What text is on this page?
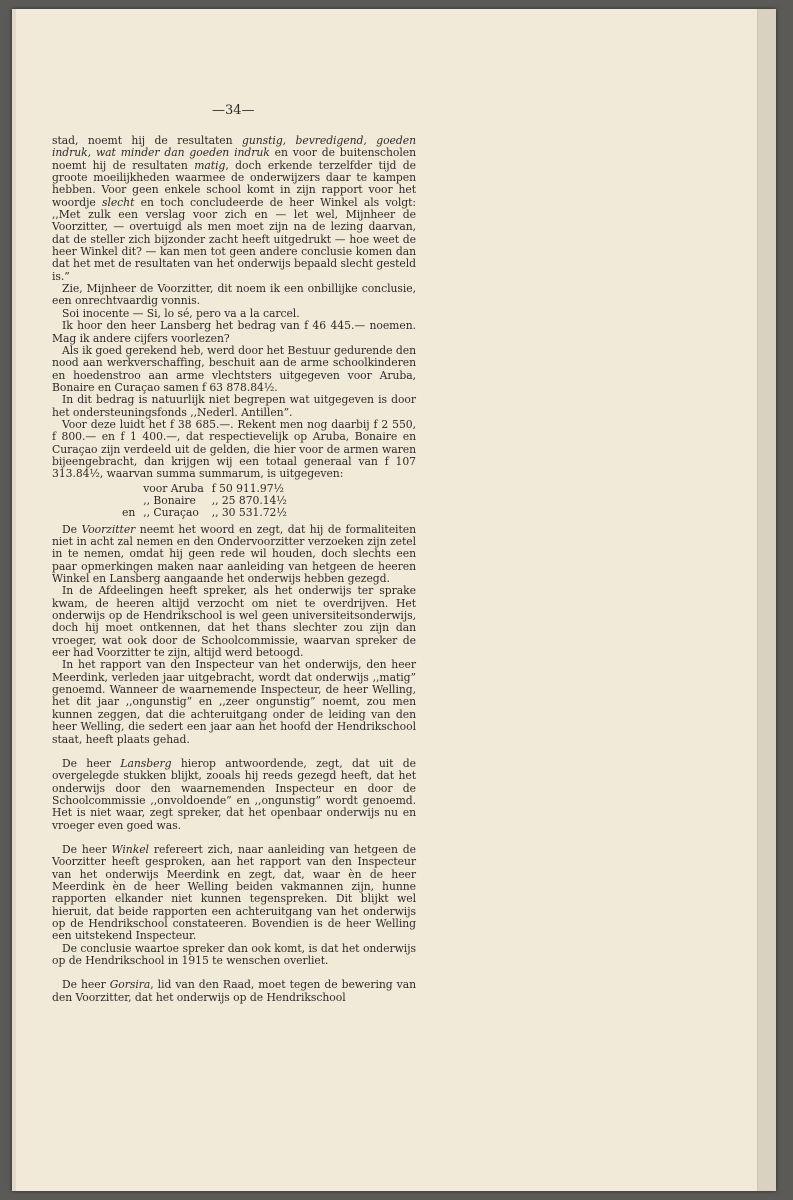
—34—

stad, noemt hij de resultaten gunstig, bevredigend, goeden indruk, wat minder dan goeden indruk en voor de buitenscholen noemt hij de resultaten matig, doch erkende terzelfder tijd de groote moeilijkheden waarmee de onderwijzers daar te kampen hebben. Voor geen enkele school komt in zijn rapport voor het woordje slecht en toch concludeerde de heer Winkel als volgt: ,,Met zulk een verslag voor zich en — let wel, Mijnheer de Voorzitter, — overtuigd als men moet zijn na de lezing daarvan, dat de steller zich bijzonder zacht heeft uitgedrukt — hoe weet de heer Winkel dit? — kan men tot geen andere conclusie komen dan dat het met de resultaten van het onderwijs bepaald slecht gesteld is.”

Zie, Mijnheer de Voorzitter, dit noem ik een onbillijke conclusie, een onrechtvaardig vonnis.

Soi inocente — Si, lo sé, pero va a la carcel.

Ik hoor den heer Lansberg het bedrag van f 46 445.— noemen. Mag ik andere cijfers voorlezen?

Als ik goed gerekend heb, werd door het Bestuur gedurende den nood aan werkverschaffing, beschuit aan de arme schoolkinderen en hoedenstroo aan arme vlechtsters uitgegeven voor Aruba, Bonaire en Curaçao samen f 63 878.84½.

In dit bedrag is natuurlijk niet begrepen wat uitgegeven is door het ondersteuningsfonds ,,Nederl. Antillen”.

Voor deze luidt het f 38 685.—. Rekent men nog daarbij f 2 550, f 800.— en f 1 400.—, dat respectievelijk op Aruba, Bonaire en Curaçao zijn verdeeld uit de gelden, die hier voor de armen waren bijeengebracht, dan krijgen wij een totaal generaal van f 107 313.84½, waarvan summa summarum, is uitgegeven:

	voor Aruba	f 50 911.97½
	,, Bonaire	,, 25 870.14½
en	,, Curaçao	,, 30 531.72½

De Voorzitter neemt het woord en zegt, dat hij de formaliteiten niet in acht zal nemen en den Ondervoorzitter verzoeken zijn zetel in te nemen, omdat hij geen rede wil houden, doch slechts een paar opmerkingen maken naar aanleiding van hetgeen de heeren Winkel en Lansberg aangaande het onderwijs hebben gezegd.

In de Afdeelingen heeft spreker, als het onderwijs ter sprake kwam, de heeren altijd verzocht om niet te overdrijven. Het onderwijs op de Hendrikschool is wel geen universiteitsonderwijs, doch hij moet ontkennen, dat het thans slechter zou zijn dan vroeger, wat ook door de Schoolcommissie, waarvan spreker de eer had Voorzitter te zijn, altijd werd betoogd.

In het rapport van den Inspecteur van het onderwijs, den heer Meerdink, verleden jaar uitgebracht, wordt dat onderwijs ,,matig” genoemd. Wanneer de waarnemende Inspecteur, de heer Welling, het dit jaar ,,ongunstig” en ,,zeer ongunstig” noemt, zou men kunnen zeggen, dat die achteruitgang onder de leiding van den heer Welling, die sedert een jaar aan het hoofd der Hendrikschool staat, heeft plaats gehad.

De heer Lansberg hierop antwoordende, zegt, dat uit de overgelegde stukken blijkt, zooals hij reeds gezegd heeft, dat het onderwijs door den waarnemenden Inspecteur en door de Schoolcommissie ,,onvoldoende” en ,,ongunstig” wordt genoemd. Het is niet waar, zegt spreker, dat het openbaar onderwijs nu en vroeger even goed was.

De heer Winkel refereert zich, naar aanleiding van hetgeen de Voorzitter heeft gesproken, aan het rapport van den Inspecteur van het onderwijs Meerdink en zegt, dat, waar èn de heer Meerdink èn de heer Welling beiden vakmannen zijn, hunne rapporten elkander niet kunnen tegenspreken. Dit blijkt wel hieruit, dat beide rapporten een achteruitgang van het onderwijs op de Hendrikschool constateeren. Bovendien is de heer Welling een uitstekend Inspecteur.

De conclusie waartoe spreker dan ook komt, is dat het onderwijs op de Hendrikschool in 1915 te wenschen overliet.

De heer Gorsira, lid van den Raad, moet tegen de bewering van den Voorzitter, dat het onderwijs op de Hendrikschool
